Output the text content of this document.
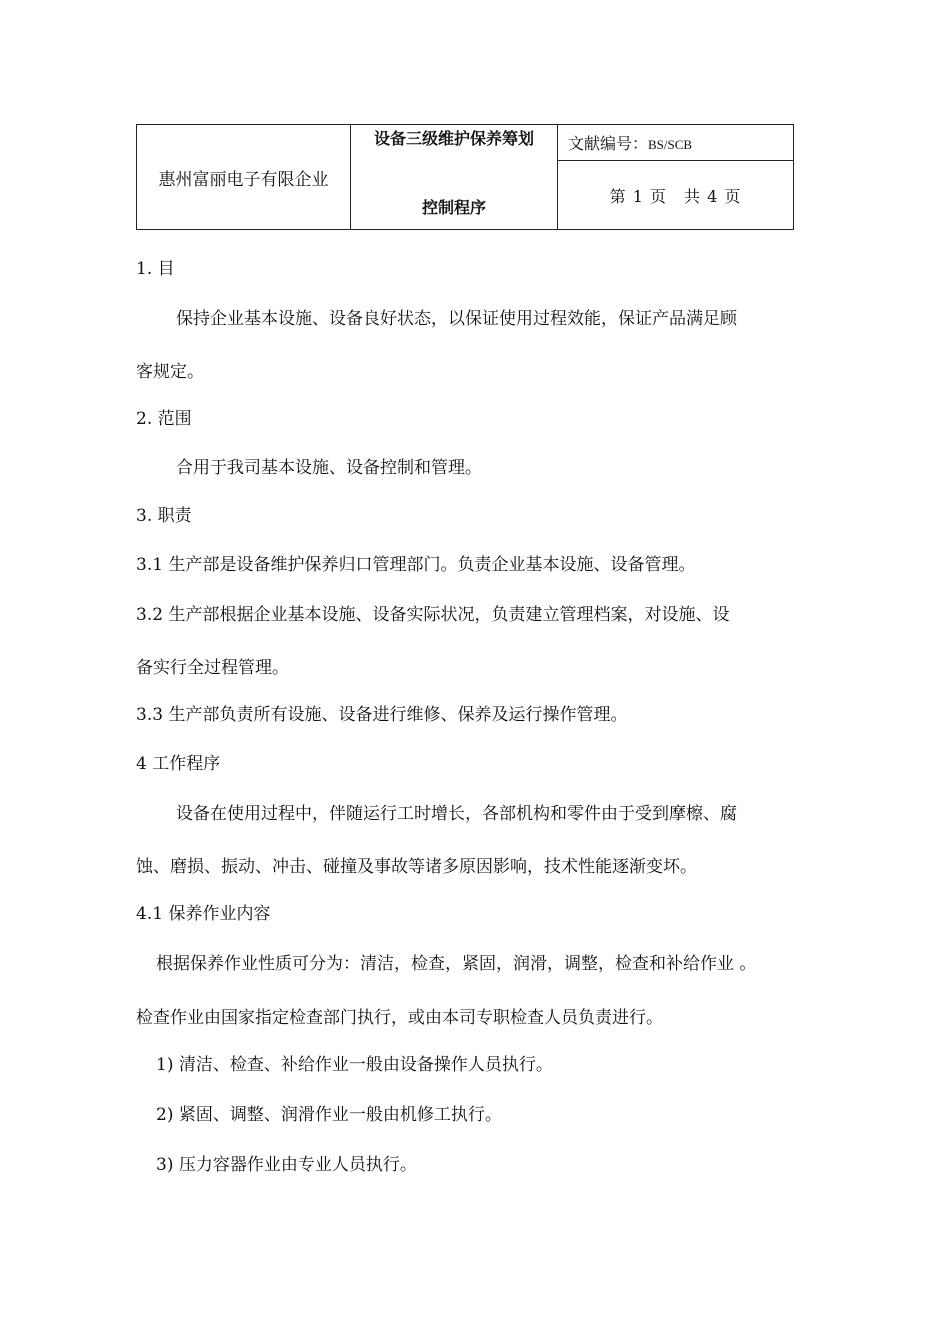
惠州富丽电子有限企业	设备三级维护保养筹划
控制程序
	文献编号：BS/SCB
第 1 页　共 4 页
1. 目
保持企业基本设施、设备良好状态，以保证使用过程效能，保证产品满足顾
客规定。
2. 范围
合用于我司基本设施、设备控制和管理。
3. 职责
3.1 生产部是设备维护保养归口管理部门。负责企业基本设施、设备管理。
3.2 生产部根据企业基本设施、设备实际状况，负责建立管理档案，对设施、设
备实行全过程管理。
3.3 生产部负责所有设施、设备进行维修、保养及运行操作管理。
4 工作程序
设备在使用过程中，伴随运行工时增长，各部机构和零件由于受到摩檫、腐
蚀、磨损、振动、冲击、碰撞及事故等诸多原因影响，技术性能逐渐变坏。
4.1 保养作业内容
根据保养作业性质可分为：清洁，检查，紧固，润滑，调整，检查和补给作业 。
检查作业由国家指定检查部门执行，或由本司专职检查人员负责进行。
1) 清洁、检查、补给作业一般由设备操作人员执行。
2) 紧固、调整、润滑作业一般由机修工执行。
3) 压力容器作业由专业人员执行。
